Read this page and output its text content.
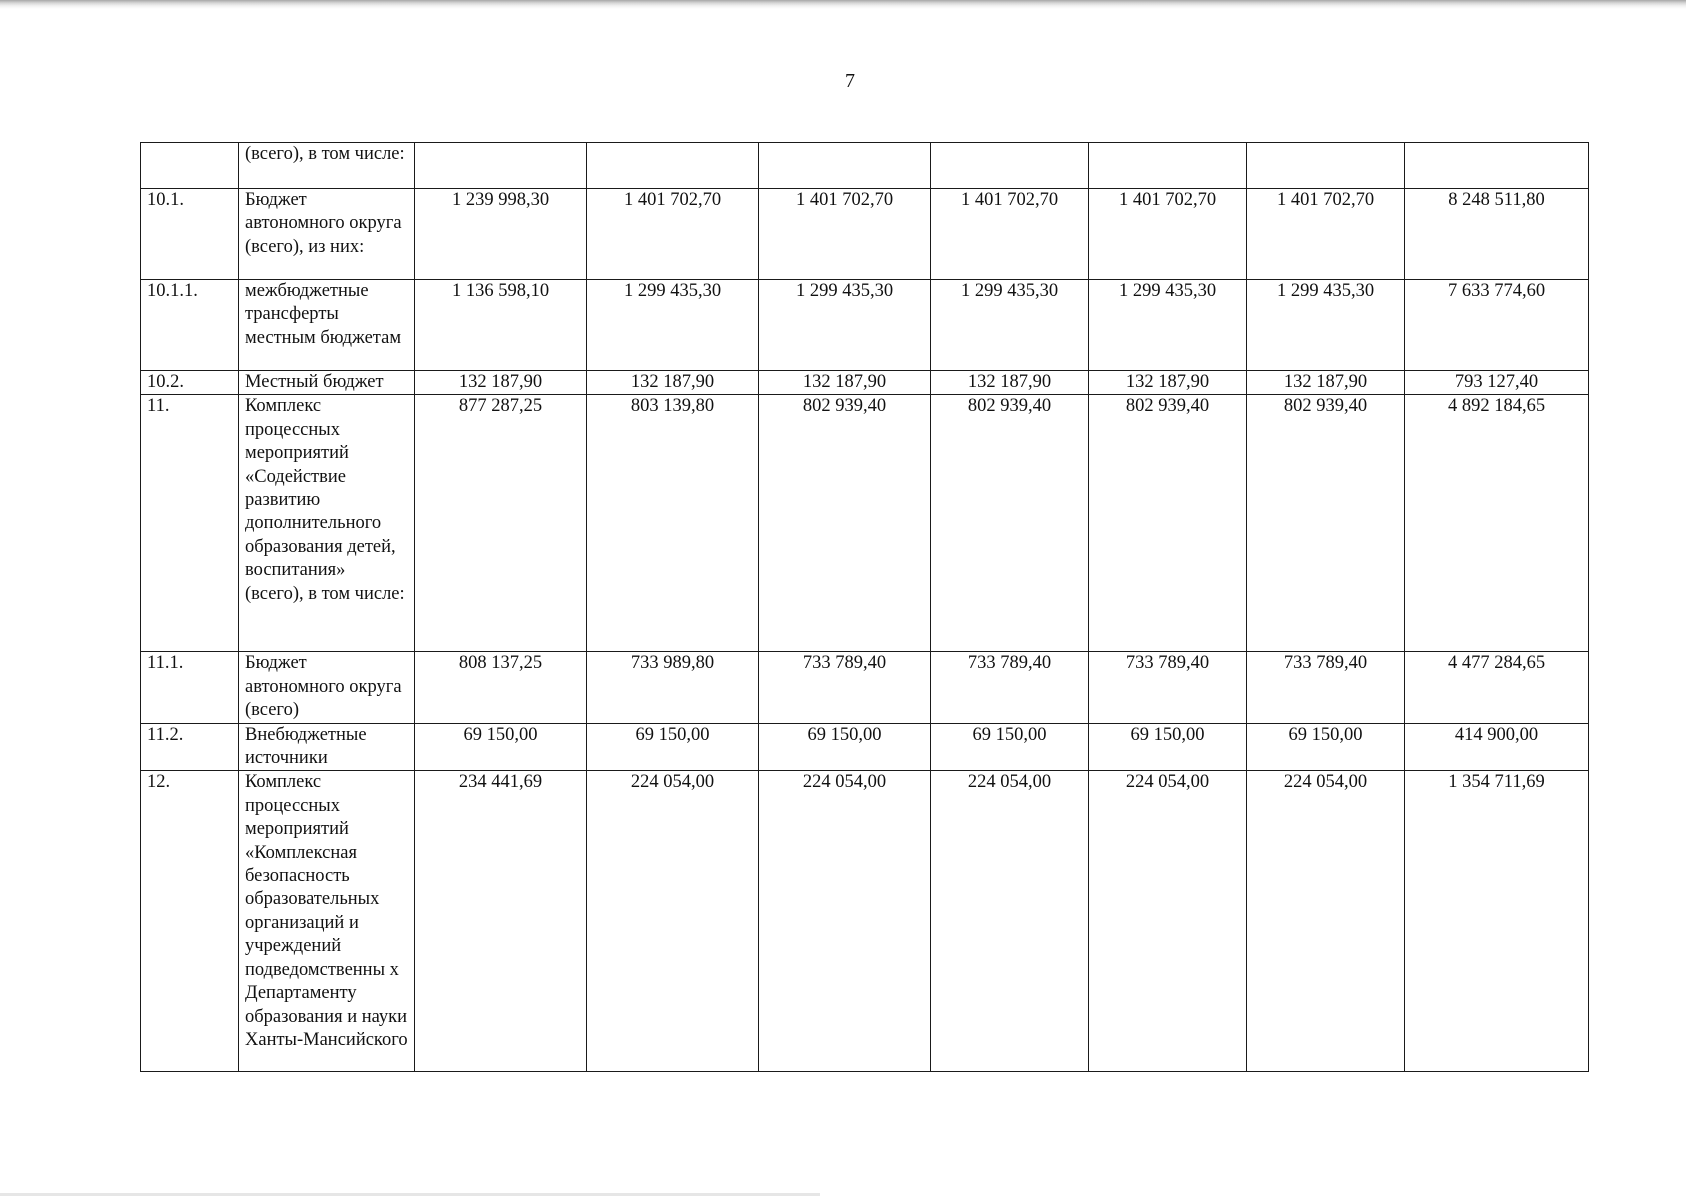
7
	(всего), в том числе:							
10.1.	Бюджет автономного округа (всего), из них:	1 239 998,30	1 401 702,70	1 401 702,70	1 401 702,70	1 401 702,70	1 401 702,70	8 248 511,80
10.1.1.	межбюджетные трансферты местным бюджетам	1 136 598,10	1 299 435,30	1 299 435,30	1 299 435,30	1 299 435,30	1 299 435,30	7 633 774,60
10.2.	Местный бюджет	132 187,90	132 187,90	132 187,90	132 187,90	132 187,90	132 187,90	793 127,40
11.	Комплекс процессных мероприятий «Содействие развитию дополнительного образования детей, воспитания» (всего), в том числе:	877 287,25	803 139,80	802 939,40	802 939,40	802 939,40	802 939,40	4 892 184,65
11.1.	Бюджет автономного округа (всего)	808 137,25	733 989,80	733 789,40	733 789,40	733 789,40	733 789,40	4 477 284,65
11.2.	Внебюджетные источники	69 150,00	69 150,00	69 150,00	69 150,00	69 150,00	69 150,00	414 900,00
12.	Комплекс процессных мероприятий «Комплексная безопасность образовательных организаций и учреждений подведомственны х Департаменту образования и науки Ханты-Мансийского	234 441,69	224 054,00	224 054,00	224 054,00	224 054,00	224 054,00	1 354 711,69
